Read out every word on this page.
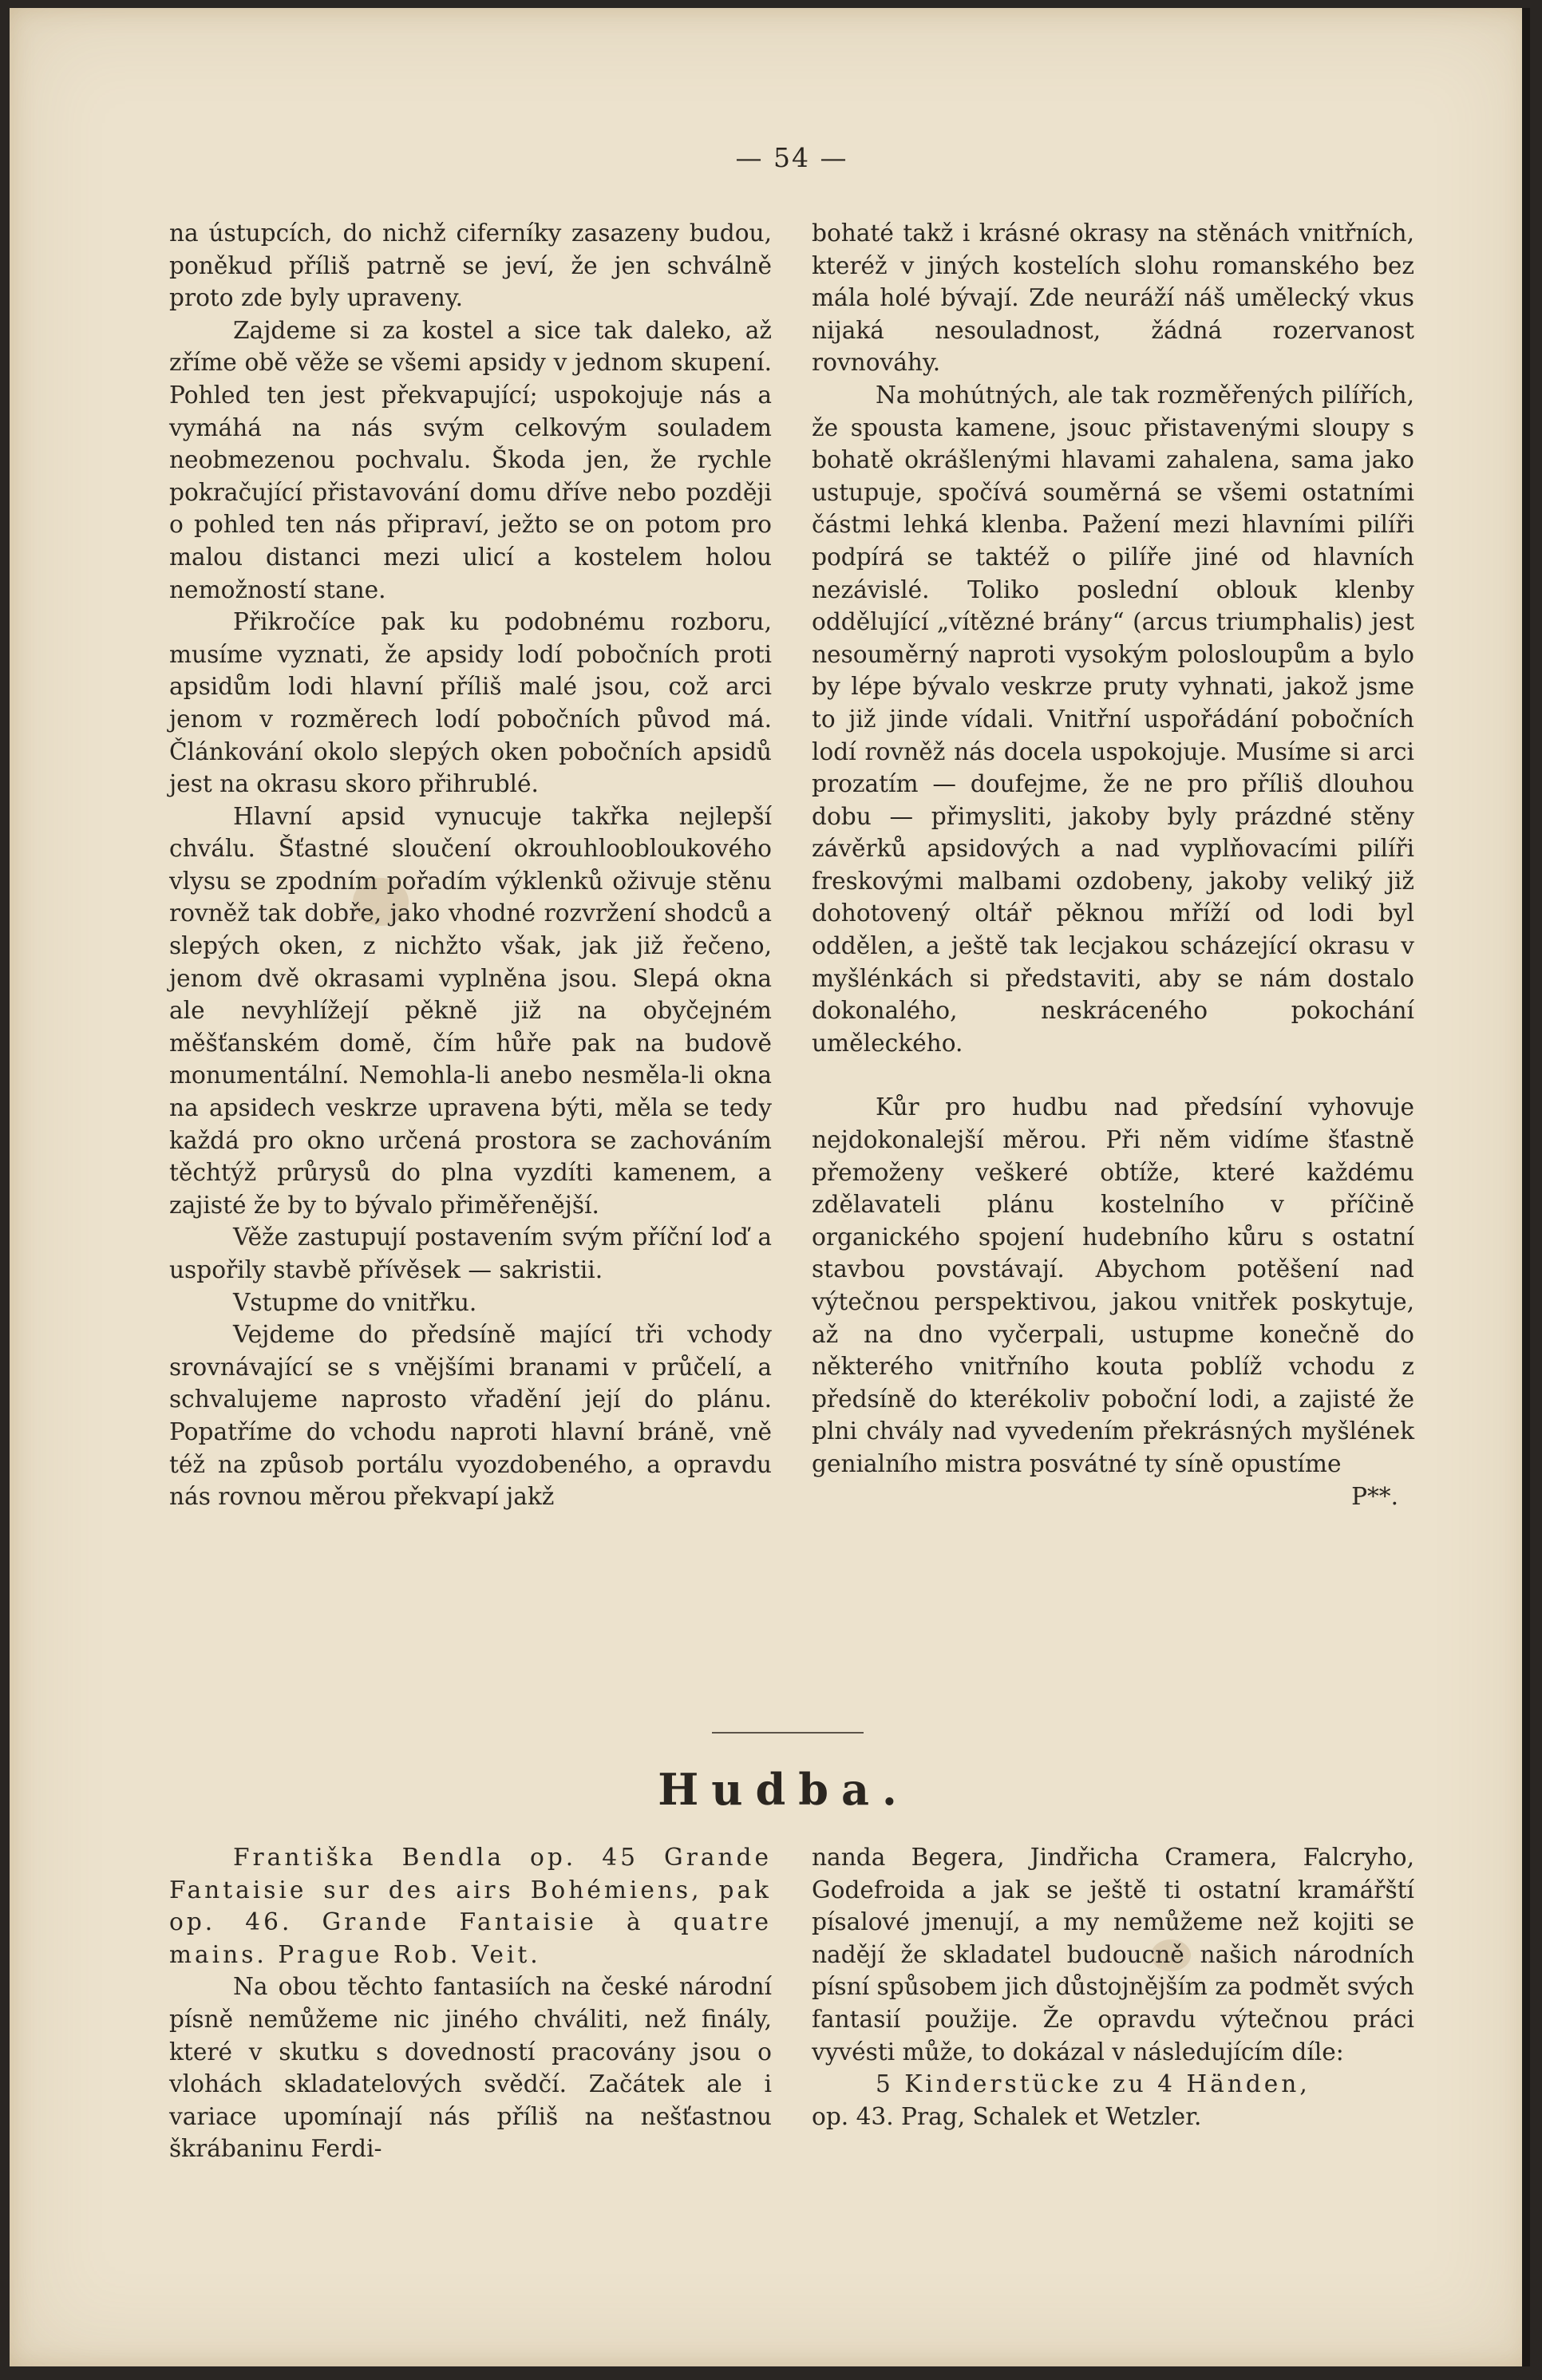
— 54 —

na ústupcích, do nichž ciferníky zasazeny budou, poněkud příliš patrně se jeví, že jen schválně proto zde byly upraveny.

Zajdeme si za kostel a sice tak daleko, až zříme obě věže se všemi apsidy v jednom skupení. Pohled ten jest překvapující; uspokojuje nás a vymáhá na nás svým celkovým souladem neobmezenou pochvalu. Škoda jen, že rychle pokračující přistavování domu dříve nebo později o pohled ten nás připraví, ježto se on potom pro malou distanci mezi ulicí a kostelem holou nemožností stane.

Přikročíce pak ku podobnému rozboru, musíme vyznati, že apsidy lodí pobočních proti apsidům lodi hlavní příliš malé jsou, což arci jenom v rozměrech lodí pobočních původ má. Článkování okolo slepých oken pobočních apsidů jest na okrasu skoro přihrublé.

Hlavní apsid vynucuje takřka nejlepší chválu. Šťastné sloučení okrouhloobloukového vlysu se zpodním pořadím výklenků oživuje stěnu rovněž tak dobře, jako vhodné rozvržení shodců a slepých oken, z nichžto však, jak již řečeno, jenom dvě okrasami vyplněna jsou. Slepá okna ale nevyhlížejí pěkně již na obyčejném měšťanském domě, čím hůře pak na budově monumentální. Nemohla-li anebo nesměla-li okna na apsidech veskrze upravena býti, měla se tedy každá pro okno určená prostora se zachováním těchtýž průrysů do plna vyzdíti kamenem, a zajisté že by to bývalo přiměřenější.

Věže zastupují postavením svým příční loď a uspořily stavbě přívěsek — sakristii.

Vstupme do vnitřku.

Vejdeme do předsíně mající tři vchody srovnávající se s vnějšími branami v průčelí, a schvalujeme naprosto vřadění její do plánu. Popatříme do vchodu naproti hlavní bráně, vně též na způsob portálu vyozdobeného, a opravdu nás rovnou měrou překvapí jakž

bohaté takž i krásné okrasy na stěnách vnitřních, kteréž v jiných kostelích slohu romanského bez mála holé bývají. Zde neuráží náš umělecký vkus nijaká nesouladnost, žádná rozervanost rovnováhy.

Na mohútných, ale tak rozměřených pilířích, že spousta kamene, jsouc přistavenými sloupy s bohatě okrášlenými hlavami zahalena, sama jako ustupuje, spočívá souměrná se všemi ostatními částmi lehká klenba. Pažení mezi hlavními pilíři podpírá se taktéž o pilíře jiné od hlavních nezávislé. Toliko poslední oblouk klenby oddělující „vítězné brány“ (arcus triumphalis) jest nesouměrný naproti vysokým polosloupům a bylo by lépe bývalo veskrze pruty vyhnati, jakož jsme to již jinde vídali. Vnitřní uspořádání pobočních lodí rovněž nás docela uspokojuje. Musíme si arci prozatím — doufejme, že ne pro příliš dlouhou dobu — přimysliti, jakoby byly prázdné stěny závěrků apsidových a nad vyplňovacími pilíři freskovými malbami ozdobeny, jakoby veliký již dohotovený oltář pěknou mříží od lodi byl oddělen, a ještě tak lecjakou scházející okrasu v myšlénkách si představiti, aby se nám dostalo dokonalého, neskráceného pokochání uměleckého.

Kůr pro hudbu nad předsíní vyhovuje nejdokonalejší měrou. Při něm vidíme šťastně přemoženy veškeré obtíže, které každému zdělavateli plánu kostelního v příčině organického spojení hudebního kůru s ostatní stavbou povstávají. Abychom potěšení nad výtečnou perspektivou, jakou vnitřek poskytuje, až na dno vyčerpali, ustupme konečně do některého vnitřního kouta poblíž vchodu z předsíně do kterékoliv poboční lodi, a zajisté že plni chvály nad vyvedením překrásných myšlének genialního mistra posvátné ty síně opustíme

P**.

Hudba.

Františka Bendla op. 45 Grande Fantaisie sur des airs Bohémiens, pak op. 46. Grande Fantaisie à quatre mains. Prague Rob. Veit.

Na obou těchto fantasiích na české národní písně nemůžeme nic jiného chváliti, než finály, které v skutku s dovedností pracovány jsou o vlohách skladatelových svědčí. Začátek ale i variace upomínají nás příliš na nešťastnou škrábaninu Ferdi-

nanda Begera, Jindřicha Cramera, Falcryho, Godefroida a jak se ještě ti ostatní kramářští písalové jmenují, a my nemůžeme než kojiti se nadějí že skladatel budoucně našich národních písní spůsobem jich důstojnějším za podmět svých fantasií použije. Že opravdu výtečnou práci vyvésti může, to dokázal v následujícím díle:

5 Kinderstücke zu 4 Händen,

op. 43. Prag, Schalek et Wetzler.
